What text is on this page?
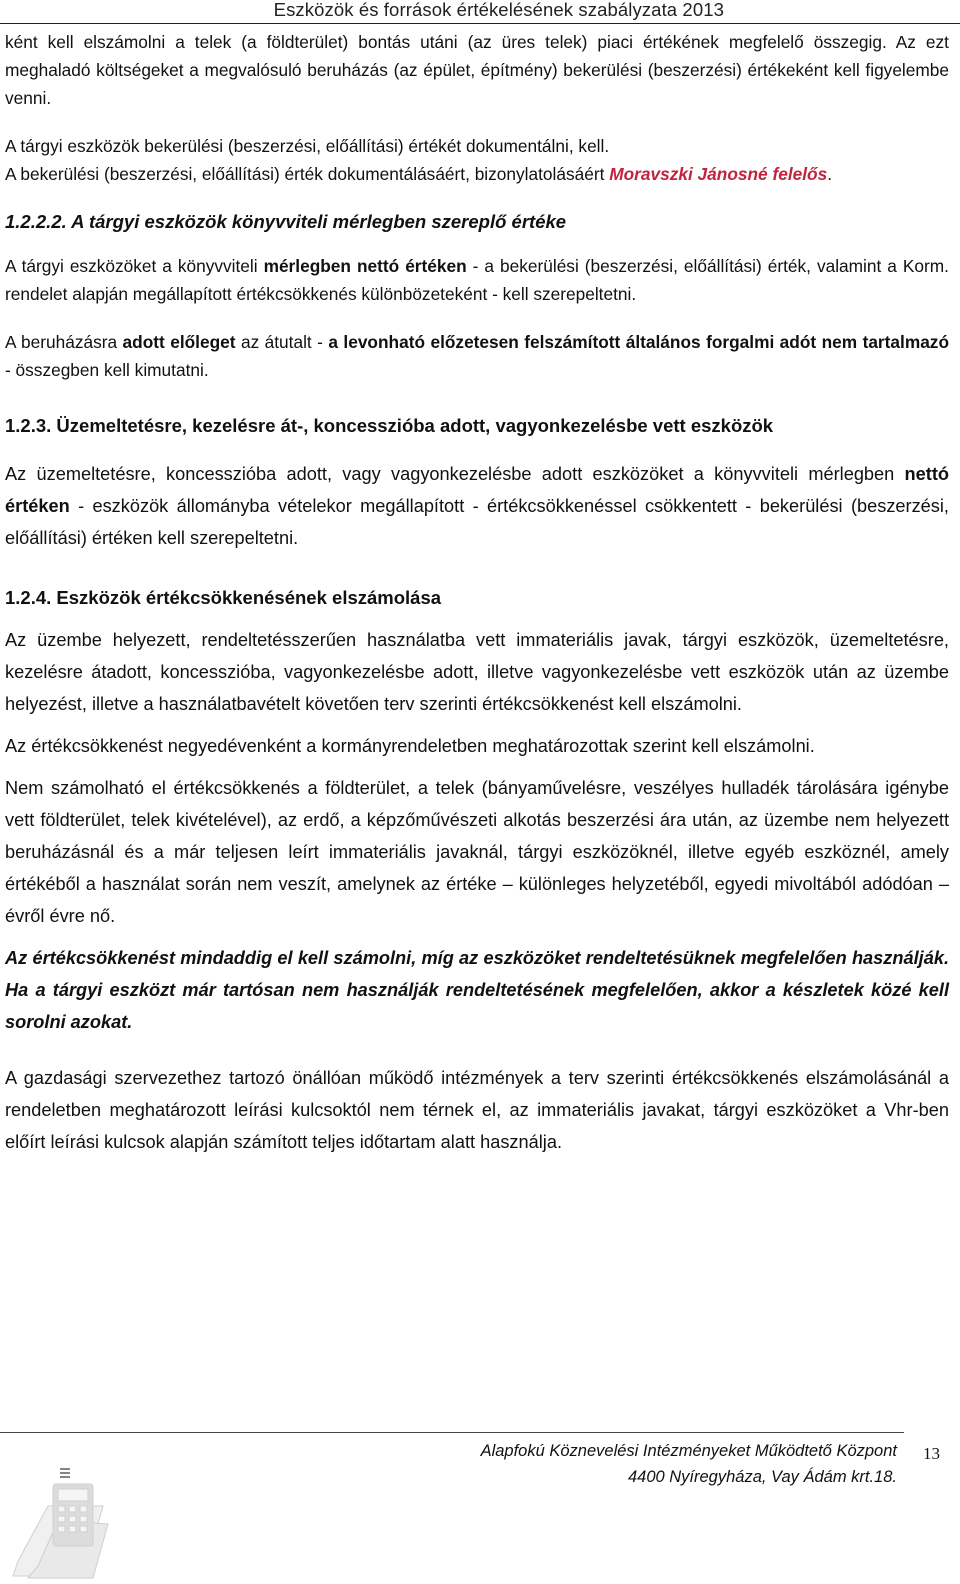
Eszközök és források értékelésének szabályzata 2013

ként kell elszámolni a telek (a földterület) bontás utáni (az üres telek) piaci értékének megfelelő összegig. Az ezt meghaladó költségeket a megvalósuló beruházás (az épület, építmény) bekerülési (beszerzési) értékeként kell figyelembe venni.

A tárgyi eszközök bekerülési (beszerzési, előállítási) értékét dokumentálni, kell.

A bekerülési (beszerzési, előállítási) érték dokumentálásáért, bizonylatolásáért Moravszki Jánosné felelős.

1.2.2.2. A tárgyi eszközök könyvviteli mérlegben szereplő értéke

A tárgyi eszközöket a könyvviteli mérlegben nettó értéken - a bekerülési (beszerzési, előállítási) érték, valamint a Korm. rendelet alapján megállapított értékcsökkenés különbözeteként - kell szerepeltetni.

A beruházásra adott előleget az átutalt - a levonható előzetesen felszámított általános forgalmi adót nem tartalmazó - összegben kell kimutatni.

1.2.3. Üzemeltetésre, kezelésre át-, koncesszióba adott, vagyonkezelésbe vett eszközök

Az üzemeltetésre, koncesszióba adott, vagy vagyonkezelésbe adott eszközöket a könyvviteli mérlegben nettó értéken - eszközök állományba vételekor megállapított - értékcsökkenéssel csökkentett - bekerülési (beszerzési, előállítási) értéken kell szerepeltetni.

1.2.4. Eszközök értékcsökkenésének elszámolása

Az üzembe helyezett, rendeltetésszerűen használatba vett immateriális javak, tárgyi eszközök, üzemeltetésre, kezelésre átadott, koncesszióba, vagyonkezelésbe adott, illetve vagyonkezelésbe vett eszközök után az üzembe helyezést, illetve a használatbavételt követően terv szerinti értékcsökkenést kell elszámolni.

Az értékcsökkenést negyedévenként a kormányrendeletben meghatározottak szerint kell elszámolni.

Nem számolható el értékcsökkenés a földterület, a telek (bányaművelésre, veszélyes hulladék tárolására igénybe vett földterület, telek kivételével), az erdő, a képzőművészeti alkotás beszerzési ára után, az üzembe nem helyezett beruházásnál és a már teljesen leírt immateriális javaknál, tárgyi eszközöknél, illetve egyéb eszköznél, amely értékéből a használat során nem veszít, amelynek az értéke – különleges helyzetéből, egyedi mivoltából adódóan – évről évre nő.

Az értékcsökkenést mindaddig el kell számolni, míg az eszközöket rendeltetésüknek megfelelően használják. Ha a tárgyi eszközt már tartósan nem használják rendeltetésének megfelelően, akkor a készletek közé kell sorolni azokat.

A gazdasági szervezethez tartozó önállóan működő intézmények a terv szerinti értékcsökkenés elszámolásánál a rendeletben meghatározott leírási kulcsoktól nem térnek el, az immateriális javakat, tárgyi eszközöket a Vhr-ben előírt leírási kulcsok alapján számított teljes időtartam alatt használja.

Alapfokú Köznevelési Intézményeket Működtető Központ
4400 Nyíregyháza, Vay Ádám krt.18.
13
